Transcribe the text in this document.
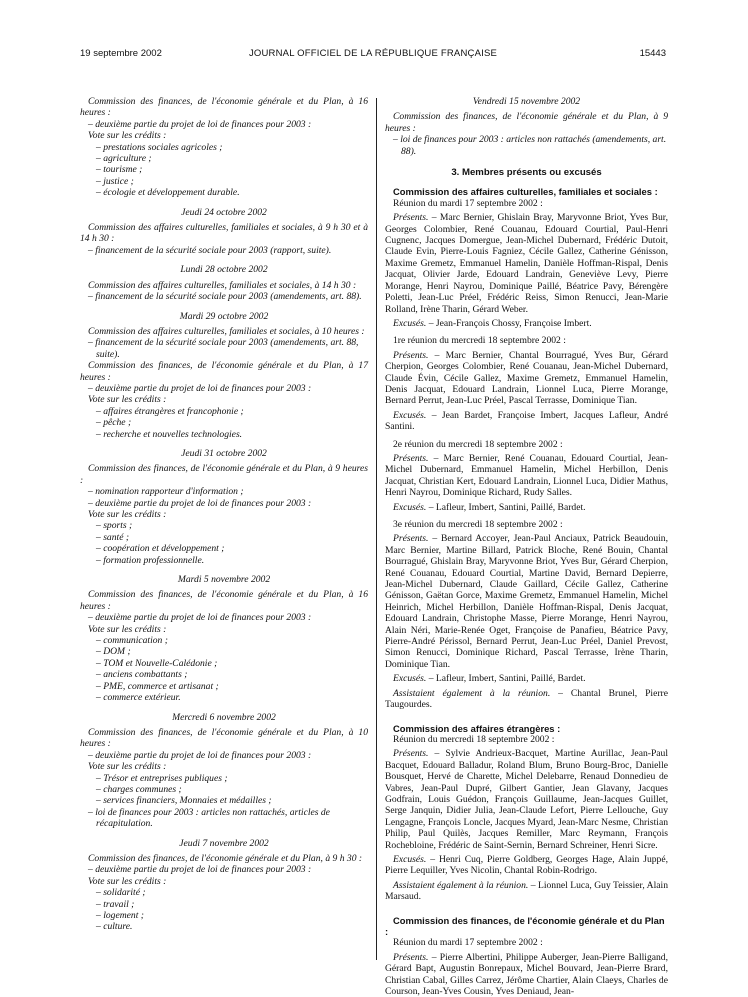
19 septembre 2002	JOURNAL OFFICIEL DE LA RÉPUBLIQUE FRANÇAISE	15443
Commission des finances, de l'économie générale et du Plan, à 16 heures :
– deuxième partie du projet de loi de finances pour 2003 :
Vote sur les crédits :
– prestations sociales agricoles ;
– agriculture ;
– tourisme ;
– justice ;
– écologie et développement durable.
Jeudi 24 octobre 2002
Commission des affaires culturelles, familiales et sociales, à 9 h 30 et à 14 h 30 :
– financement de la sécurité sociale pour 2003 (rapport, suite).
Lundi 28 octobre 2002
Commission des affaires culturelles, familiales et sociales, à 14 h 30 :
– financement de la sécurité sociale pour 2003 (amendements, art. 88).
Mardi 29 octobre 2002
Commission des affaires culturelles, familiales et sociales, à 10 heures :
– financement de la sécurité sociale pour 2003 (amendements, art. 88, suite).
Commission des finances, de l'économie générale et du Plan, à 17 heures :
– deuxième partie du projet de loi de finances pour 2003 :
Vote sur les crédits :
– affaires étrangères et francophonie ;
– pêche ;
– recherche et nouvelles technologies.
Jeudi 31 octobre 2002
Commission des finances, de l'économie générale et du Plan, à 9 heures :
– nomination rapporteur d'information ;
– deuxième partie du projet de loi de finances pour 2003 :
Vote sur les crédits :
– sports ;
– santé ;
– coopération et développement ;
– formation professionnelle.
Mardi 5 novembre 2002
Commission des finances, de l'économie générale et du Plan, à 16 heures :
– deuxième partie du projet de loi de finances pour 2003 :
Vote sur les crédits :
– communication ;
– DOM ;
– TOM et Nouvelle-Calédonie ;
– anciens combattants ;
– PME, commerce et artisanat ;
– commerce extérieur.
Mercredi 6 novembre 2002
Commission des finances, de l'économie générale et du Plan, à 10 heures :
– deuxième partie du projet de loi de finances pour 2003 :
Vote sur les crédits :
– Trésor et entreprises publiques ;
– charges communes ;
– services financiers, Monnaies et médailles ;
– loi de finances pour 2003 : articles non rattachés, articles de récapitulation.
Jeudi 7 novembre 2002
Commission des finances, de l'économie générale et du Plan, à 9 h 30 :
– deuxième partie du projet de loi de finances pour 2003 :
Vote sur les crédits :
– solidarité ;
– travail ;
– logement ;
– culture.
Vendredi 15 novembre 2002
Commission des finances, de l'économie générale et du Plan, à 9 heures :
– loi de finances pour 2003 : articles non rattachés (amendements, art. 88).
3. Membres présents ou excusés
Commission des affaires culturelles, familiales et sociales :
Réunion du mardi 17 septembre 2002 :
Présents. – Marc Bernier, Ghislain Bray, Maryvonne Briot, Yves Bur, Georges Colombier, René Couanau, Edouard Courtial, Paul-Henri Cugnenc, Jacques Domergue, Jean-Michel Dubernard, Frédéric Dutoit, Claude Evin, Pierre-Louis Fagniez, Cécile Gallez, Catherine Génisson, Maxime Gremetz, Emmanuel Hamelin, Danièle Hoffman-Rispal, Denis Jacquat, Olivier Jarde, Edouard Landrain, Geneviève Levy, Pierre Morange, Henri Nayrou, Dominique Paillé, Béatrice Pavy, Bérengère Poletti, Jean-Luc Préel, Frédéric Reiss, Simon Renucci, Jean-Marie Rolland, Irène Tharin, Gérard Weber.
Excusés. – Jean-François Chossy, Françoise Imbert.
1re réunion du mercredi 18 septembre 2002 :
Présents. – Marc Bernier, Chantal Bourragué, Yves Bur, Gérard Cherpion, Georges Colombier, René Couanau, Jean-Michel Dubernard, Claude Évin, Cécile Gallez, Maxime Gremetz, Emmanuel Hamelin, Denis Jacquat, Edouard Landrain, Lionnel Luca, Pierre Morange, Bernard Perrut, Jean-Luc Préel, Pascal Terrasse, Dominique Tian.
Excusés. – Jean Bardet, Françoise Imbert, Jacques Lafleur, André Santini.
2e réunion du mercredi 18 septembre 2002 :
Présents. – Marc Bernier, René Couanau, Edouard Courtial, Jean-Michel Dubernard, Emmanuel Hamelin, Michel Herbillon, Denis Jacquat, Christian Kert, Edouard Landrain, Lionnel Luca, Didier Mathus, Henri Nayrou, Dominique Richard, Rudy Salles.
Excusés. – Lafleur, Imbert, Santini, Paillé, Bardet.
3e réunion du mercredi 18 septembre 2002 :
Présents. – Bernard Accoyer, Jean-Paul Anciaux, Patrick Beaudouin, Marc Bernier, Martine Billard, Patrick Bloche, René Bouin, Chantal Bourragué, Ghislain Bray, Maryvonne Briot, Yves Bur, Gérard Cherpion, René Couanau, Edouard Courtial, Martine David, Bernard Depierre, Jean-Michel Dubernard, Claude Gaillard, Cécile Gallez, Catherine Génisson, Gaëtan Gorce, Maxime Gremetz, Emmanuel Hamelin, Michel Heinrich, Michel Herbillon, Danièle Hoffman-Rispal, Denis Jacquat, Edouard Landrain, Christophe Masse, Pierre Morange, Henri Nayrou, Alain Néri, Marie-Renée Oget, Françoise de Panafieu, Béatrice Pavy, Pierre-André Périssol, Bernard Perrut, Jean-Luc Préel, Daniel Prevost, Simon Renucci, Dominique Richard, Pascal Terrasse, Irène Tharin, Dominique Tian.
Excusés. – Lafleur, Imbert, Santini, Paillé, Bardet.
Assistaient également à la réunion. – Chantal Brunel, Pierre Taugourdes.
Commission des affaires étrangères :
Réunion du mercredi 18 septembre 2002 :
Présents. – Sylvie Andrieux-Bacquet, Martine Aurillac, Jean-Paul Bacquet, Edouard Balladur, Roland Blum, Bruno Bourg-Broc, Danielle Bousquet, Hervé de Charette, Michel Delebarre, Renaud Donnedieu de Vabres, Jean-Paul Dupré, Gilbert Gantier, Jean Glavany, Jacques Godfrain, Louis Guédon, François Guillaume, Jean-Jacques Guillet, Serge Janquin, Didier Julia, Jean-Claude Lefort, Pierre Lellouche, Guy Lengagne, François Loncle, Jacques Myard, Jean-Marc Nesme, Christian Philip, Paul Quilès, Jacques Remiller, Marc Reymann, François Rochebloine, Frédéric de Saint-Sernin, Bernard Schreiner, Henri Sicre.
Excusés. – Henri Cuq, Pierre Goldberg, Georges Hage, Alain Juppé, Pierre Lequiller, Yves Nicolin, Chantal Robin-Rodrigo.
Assistaient également à la réunion. – Lionnel Luca, Guy Teissier, Alain Marsaud.
Commission des finances, de l'économie générale et du Plan :
Réunion du mardi 17 septembre 2002 :
Présents. – Pierre Albertini, Philippe Auberger, Jean-Pierre Balligand, Gérard Bapt, Augustin Bonrepaux, Michel Bouvard, Jean-Pierre Brard, Christian Cabal, Gilles Carrez, Jérôme Chartier, Alain Claeys, Charles de Courson, Jean-Yves Cousin, Yves Deniaud, Jean-
